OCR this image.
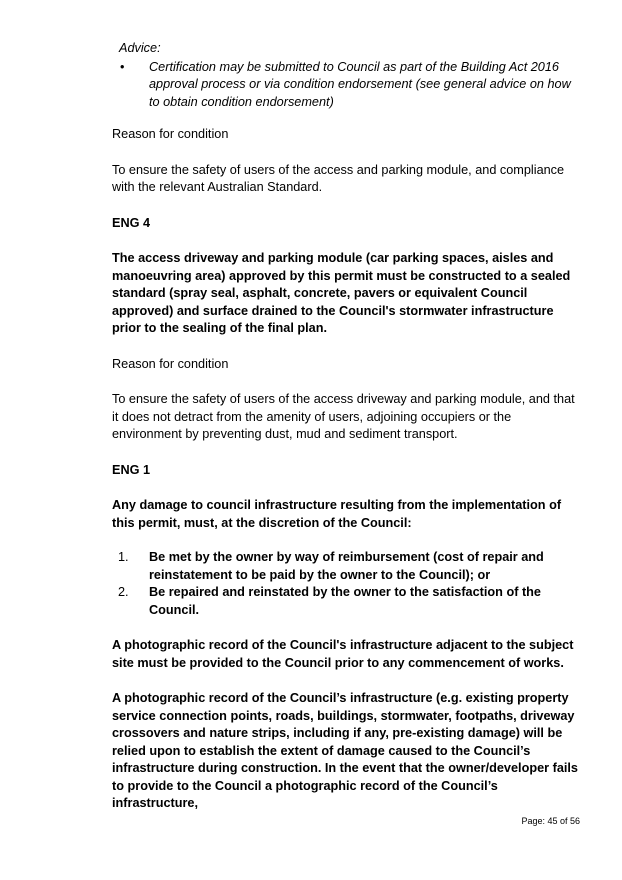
Advice:

• Certification may be submitted to Council as part of the Building Act 2016 approval process or via condition endorsement (see general advice on how to obtain condition endorsement)

Reason for condition

To ensure the safety of users of the access and parking module, and compliance with the relevant Australian Standard.

ENG 4

The access driveway and parking module (car parking spaces, aisles and manoeuvring area) approved by this permit must be constructed to a sealed standard (spray seal, asphalt, concrete, pavers or equivalent Council approved) and surface drained to the Council's stormwater infrastructure prior to the sealing of the final plan.

Reason for condition

To ensure the safety of users of the access driveway and parking module, and that it does not detract from the amenity of users, adjoining occupiers or the environment by preventing dust, mud and sediment transport.

ENG 1

Any damage to council infrastructure resulting from the implementation of this permit, must, at the discretion of the Council:

1. Be met by the owner by way of reimbursement (cost of repair and reinstatement to be paid by the owner to the Council); or
2. Be repaired and reinstated by the owner to the satisfaction of the Council.

A photographic record of the Council's infrastructure adjacent to the subject site must be provided to the Council prior to any commencement of works.

A photographic record of the Council’s infrastructure (e.g. existing property service connection points, roads, buildings, stormwater, footpaths, driveway crossovers and nature strips, including if any, pre-existing damage) will be relied upon to establish the extent of damage caused to the Council’s infrastructure during construction. In the event that the owner/developer fails to provide to the Council a photographic record of the Council’s infrastructure,

Page: 45 of 56
